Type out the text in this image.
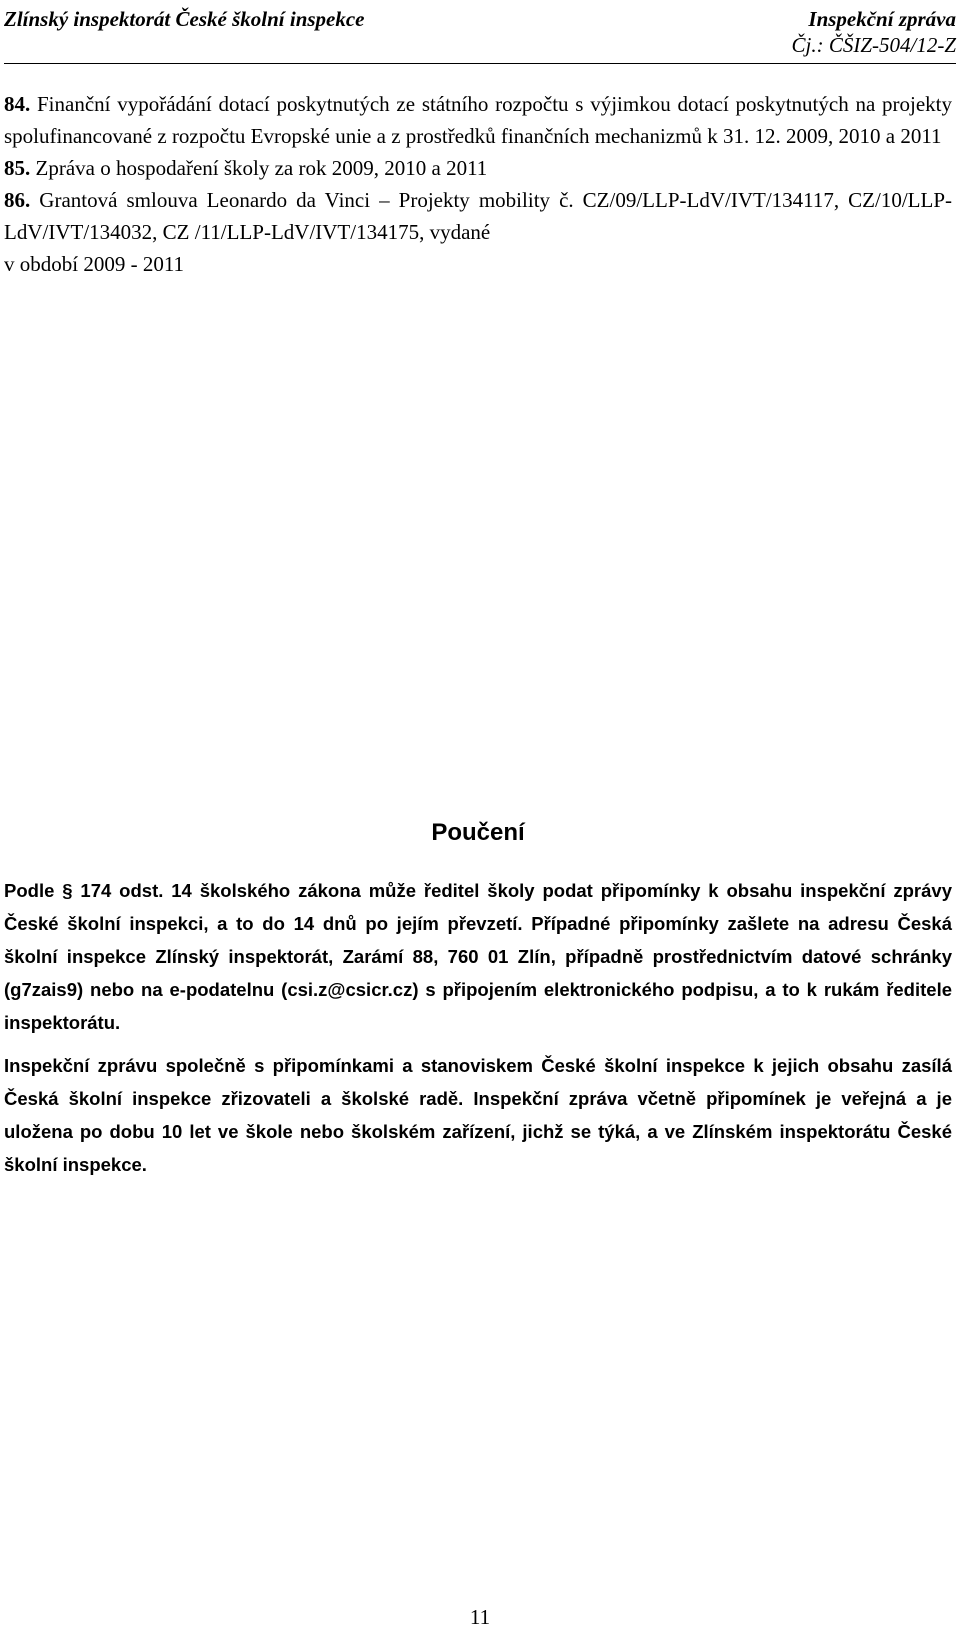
Zlínský inspektorát České školní inspekce	Inspekční zpráva
Čj.: ČŠIZ-504/12-Z

84. Finanční vypořádání dotací poskytnutých ze státního rozpočtu s výjimkou dotací poskytnutých na projekty spolufinancované z rozpočtu Evropské unie a z prostředků finančních mechanizmů k 31. 12. 2009, 2010 a 2011

85. Zpráva o hospodaření školy za rok 2009, 2010 a 2011

86. Grantová smlouva Leonardo da Vinci – Projekty mobility č. CZ/09/LLP-LdV/IVT/134117, CZ/10/LLP-LdV/IVT/134032, CZ /11/LLP-LdV/IVT/134175, vydané

v období 2009 - 2011

Poučení

Podle § 174 odst. 14 školského zákona může ředitel školy podat připomínky k obsahu inspekční zprávy České školní inspekci, a to do 14 dnů po jejím převzetí. Případné připomínky zašlete na adresu Česká školní inspekce Zlínský inspektorát, Zarámí 88, 760 01 Zlín, případně prostřednictvím datové schránky (g7zais9) nebo na e-podatelnu (csi.z@csicr.cz) s připojením elektronického podpisu, a to k rukám ředitele inspektorátu.

Inspekční zprávu společně s připomínkami a stanoviskem České školní inspekce k jejich obsahu zasílá Česká školní inspekce zřizovateli a školské radě. Inspekční zpráva včetně připomínek je veřejná a je uložena po dobu 10 let ve škole nebo školském zařízení, jichž se týká, a ve Zlínském inspektorátu České školní inspekce.

11
